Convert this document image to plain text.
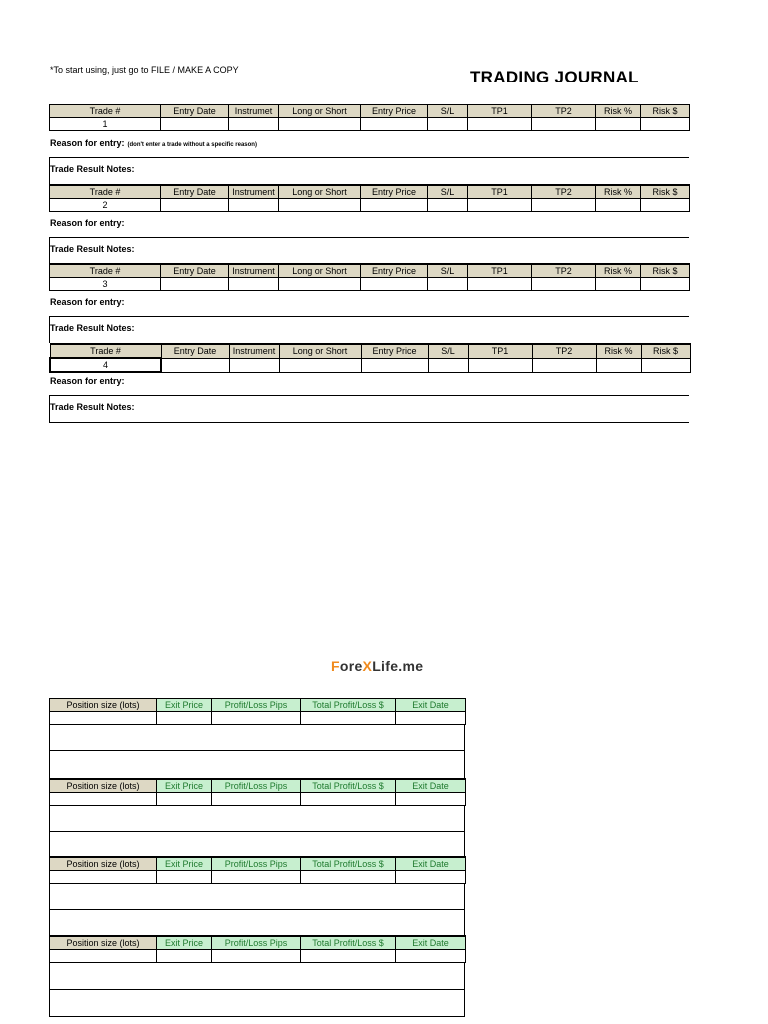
*To start using, just go to FILE / MAKE A COPY	TRADING JOURNAL
Trade #	Entry Date	Instrumet	Long or Short	Entry Price	S/L	TP1	TP2	Risk %	Risk $
1									
Reason for entry: (don't enter a trade without a specific reason)
Trade Result Notes:
Trade #	Entry Date	Instrument	Long or Short	Entry Price	S/L	TP1	TP2	Risk %	Risk $
2									
Reason for entry:
Trade Result Notes:
Trade #	Entry Date	Instrument	Long or Short	Entry Price	S/L	TP1	TP2	Risk %	Risk $
3									
Reason for entry:
Trade Result Notes:
Trade #	Entry Date	Instrument	Long or Short	Entry Price	S/L	TP1	TP2	Risk %	Risk $
4									
Reason for entry:
Trade Result Notes:
ForeXLife.me
Position size (lots)	Exit Price	Profit/Loss Pips	Total Profit/Loss $	Exit Date

Position size (lots)	Exit Price	Profit/Loss Pips	Total Profit/Loss $	Exit Date

Position size (lots)	Exit Price	Profit/Loss Pips	Total Profit/Loss $	Exit Date

Position size (lots)	Exit Price	Profit/Loss Pips	Total Profit/Loss $	Exit Date
